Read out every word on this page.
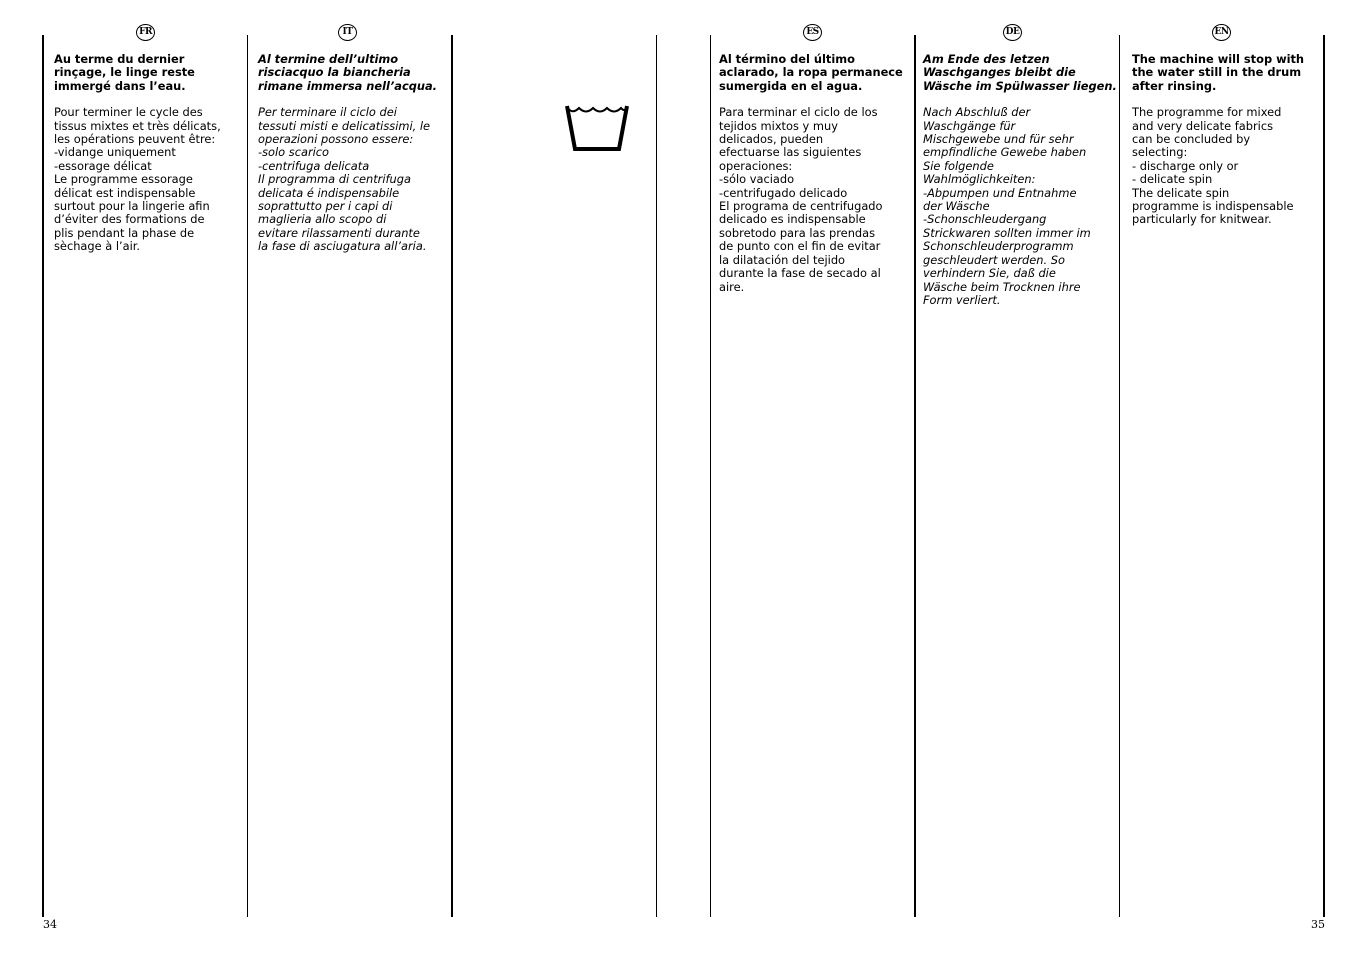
FR	IT	ES	DE	EN

Au terme du dernier
rinçage, le linge reste
immergé dans l’eau.

Pour terminer le cycle des
tissus mixtes et très délicats,
les opérations peuvent être:
-vidange uniquement
-essorage délicat
Le programme essorage
délicat est indispensable
surtout pour la lingerie afin
d’éviter des formations de
plis pendant la phase de
sèchage à l’air.

Al termine dell’ultimo
risciacquo la biancheria
rimane immersa nell’acqua.

Per terminare il ciclo dei
tessuti misti e delicatissimi, le
operazioni possono essere:
-solo scarico
-centrifuga delicata
Il programma di centrifuga
delicata é indispensabile
soprattutto per i capi di
maglieria allo scopo di
evitare rilassamenti durante
la fase di asciugatura all’aria.

Al término del último
aclarado, la ropa permanece
sumergida en el agua.

Para terminar el ciclo de los
tejidos mixtos y muy
delicados, pueden
efectuarse las siguientes
operaciones:
-sólo vaciado
-centrifugado delicado
El programa de centrifugado
delicado es indispensable
sobretodo para las prendas
de punto con el fin de evitar
la dilatación del tejido
durante la fase de secado al
aire.

Am Ende des letzen
Waschganges bleibt die
Wäsche im Spülwasser liegen.

Nach Abschluß der
Waschgänge für
Mischgewebe und für sehr
empfindliche Gewebe haben
Sie folgende
Wahlmöglichkeiten:
-Abpumpen und Entnahme
der Wäsche
-Schonschleudergang
Strickwaren sollten immer im
Schonschleuderprogramm
geschleudert werden. So
verhindern Sie, daß die
Wäsche beim Trocknen ihre
Form verliert.

The machine will stop with
the water still in the drum
after rinsing.

The programme for mixed
and very delicate fabrics
can be concluded by
selecting:
- discharge only or
- delicate spin
The delicate spin
programme is indispensable
particularly for knitwear.

34	35
